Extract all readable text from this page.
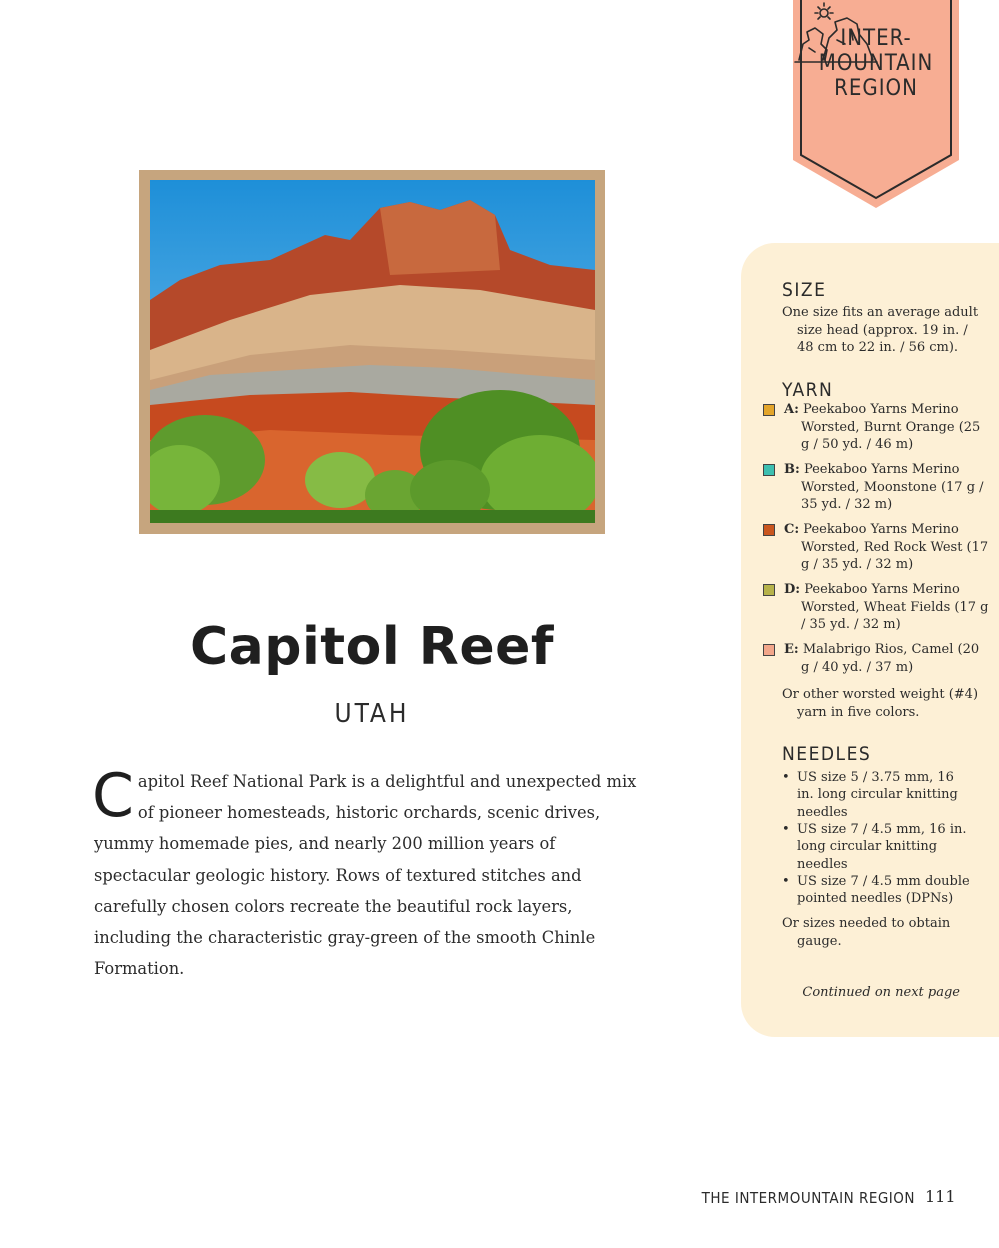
INTER-
MOUNTAIN
REGION
Capitol Reef
UTAH
Capitol Reef National Park is a delightful and unexpected mix of pioneer homesteads, historic orchards, scenic drives, yummy homemade pies, and nearly 200 million years of spectacular geologic history. Rows of textured stitches and carefully chosen colors recreate the beautiful rock layers, including the characteristic gray-green of the smooth Chinle Formation.
SIZE
One size fits an average adult size head (approx. 19 in. / 48 cm to 22 in. / 56 cm).
YARN
A: Peekaboo Yarns Merino Worsted, Burnt Orange (25 g / 50 yd. / 46 m)
B: Peekaboo Yarns Merino Worsted, Moonstone (17 g / 35 yd. / 32 m)
C: Peekaboo Yarns Merino Worsted, Red Rock West (17 g / 35 yd. / 32 m)
D: Peekaboo Yarns Merino Worsted, Wheat Fields (17 g / 35 yd. / 32 m)
E: Malabrigo Rios, Camel (20 g / 40 yd. / 37 m)
Or other worsted weight (#4) yarn in five colors.
NEEDLES
• US size 5 / 3.75 mm, 16 in. long circular knitting needles
• US size 7 / 4.5 mm, 16 in. long circular knitting needles
• US size 7 / 4.5 mm double pointed needles (DPNs)
Or sizes needed to obtain gauge.
Continued on next page
THE INTERMOUNTAIN REGION 111
